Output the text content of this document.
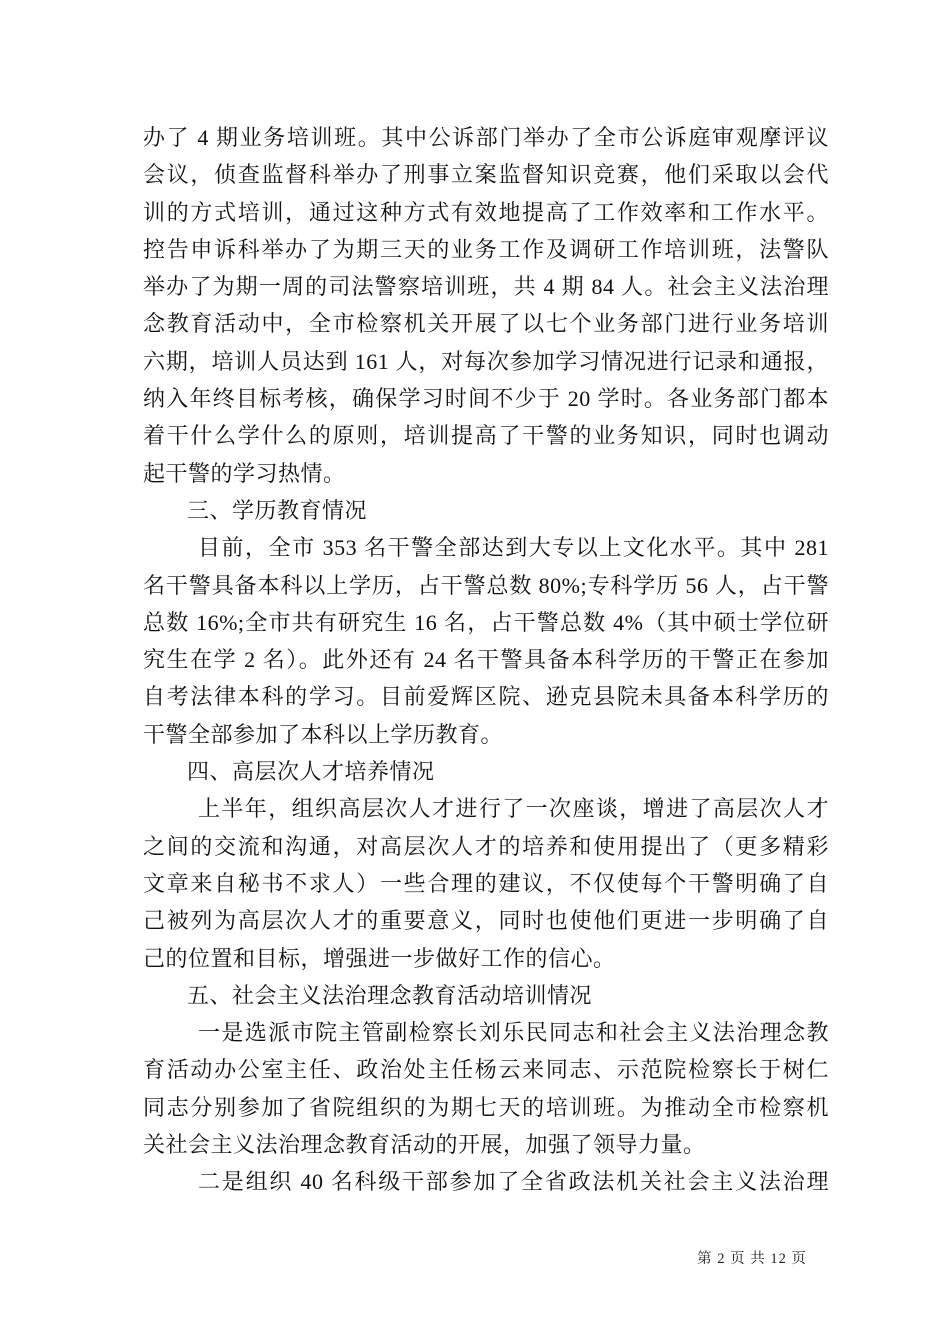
办了 4 期业务培训班。其中公诉部门举办了全市公诉庭审观摩评议
会议，侦查监督科举办了刑事立案监督知识竞赛，他们采取以会代
训的方式培训，通过这种方式有效地提高了工作效率和工作水平。
控告申诉科举办了为期三天的业务工作及调研工作培训班，法警队
举办了为期一周的司法警察培训班，共 4 期 84 人。社会主义法治理
念教育活动中，全市检察机关开展了以七个业务部门进行业务培训
六期，培训人员达到 161 人，对每次参加学习情况进行记录和通报，
纳入年终目标考核，确保学习时间不少于 20 学时。各业务部门都本
着干什么学什么的原则，培训提高了干警的业务知识，同时也调动
起干警的学习热情。
三、学历教育情况
目前，全市 353 名干警全部达到大专以上文化水平。其中 281
名干警具备本科以上学历，占干警总数 80%;专科学历 56 人，占干警
总数 16%;全市共有研究生 16 名，占干警总数 4%（其中硕士学位研
究生在学 2 名）。此外还有 24 名干警具备本科学历的干警正在参加
自考法律本科的学习。目前爱辉区院、逊克县院未具备本科学历的
干警全部参加了本科以上学历教育。
四、高层次人才培养情况
上半年，组织高层次人才进行了一次座谈，增进了高层次人才
之间的交流和沟通，对高层次人才的培养和使用提出了（更多精彩
文章来自秘书不求人）一些合理的建议，不仅使每个干警明确了自
己被列为高层次人才的重要意义，同时也使他们更进一步明确了自
己的位置和目标，增强进一步做好工作的信心。
五、社会主义法治理念教育活动培训情况
一是选派市院主管副检察长刘乐民同志和社会主义法治理念教
育活动办公室主任、政治处主任杨云来同志、示范院检察长于树仁
同志分别参加了省院组织的为期七天的培训班。为推动全市检察机
关社会主义法治理念教育活动的开展，加强了领导力量。
二是组织 40 名科级干部参加了全省政法机关社会主义法治理
第 2 页 共 12 页
